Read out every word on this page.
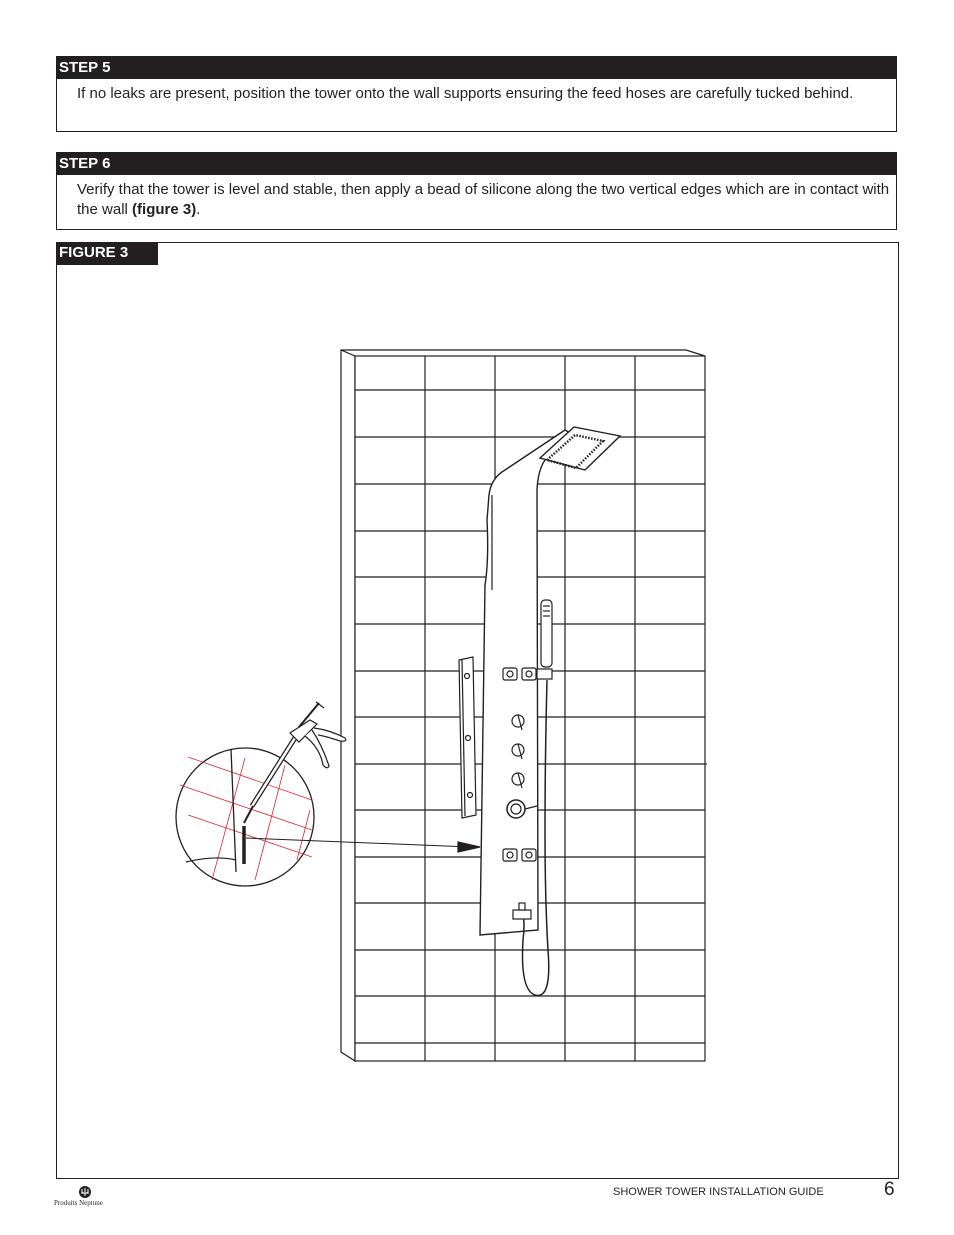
STEP 5
If no leaks are present, position the tower onto the wall supports ensuring the feed hoses are carefully tucked behind.
STEP 6
Verify that the tower is level and stable, then apply a bead of silicone along the two vertical edges which are in contact with the wall (figure 3).
FIGURE 3
Produits Neptune
SHOWER TOWER INSTALLATION GUIDE	6
